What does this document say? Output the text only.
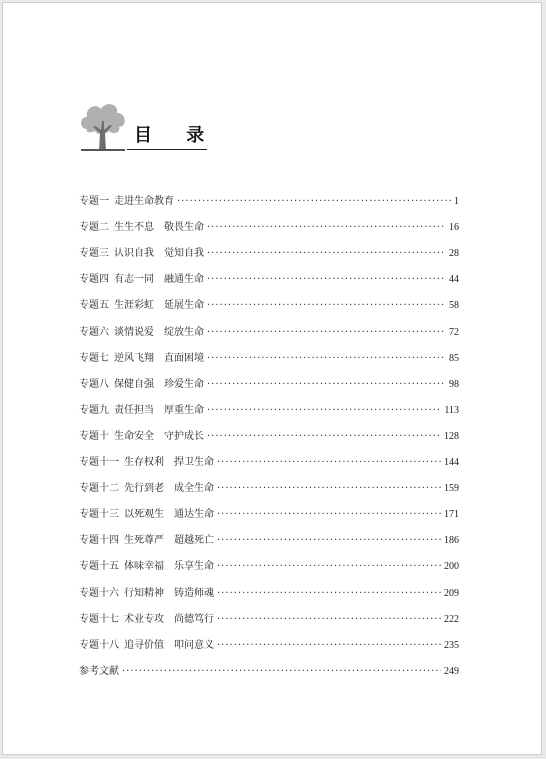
目 录
专题一 走进生命教育 ·····	1
专题二 生生不息　敬畏生命 ·····	16
专题三 认识自我　觉知自我 ·····	28
专题四 有志一同　融通生命 ·····	44
专题五 生涯彩虹　延展生命 ·····	58
专题六 谈情说爱　绽放生命 ·····	72
专题七 逆风飞翔　直面困境 ·····	85
专题八 保健自强　珍爱生命 ·····	98
专题九 责任担当　厚重生命 ·····	113
专题十 生命安全　守护成长 ·····	128
专题十一 生存权利　捍卫生命 ·····	144
专题十二 先行到老　成全生命 ·····	159
专题十三 以死观生　通达生命 ·····	171
专题十四 生死尊严　超越死亡 ·····	186
专题十五 体味幸福　乐享生命 ·····	200
专题十六 行知精神　铸造师魂 ·····	209
专题十七 术业专攻　尚德笃行 ·····	222
专题十八 追寻价值　叩问意义 ·····	235
参考文献 ·····	249
